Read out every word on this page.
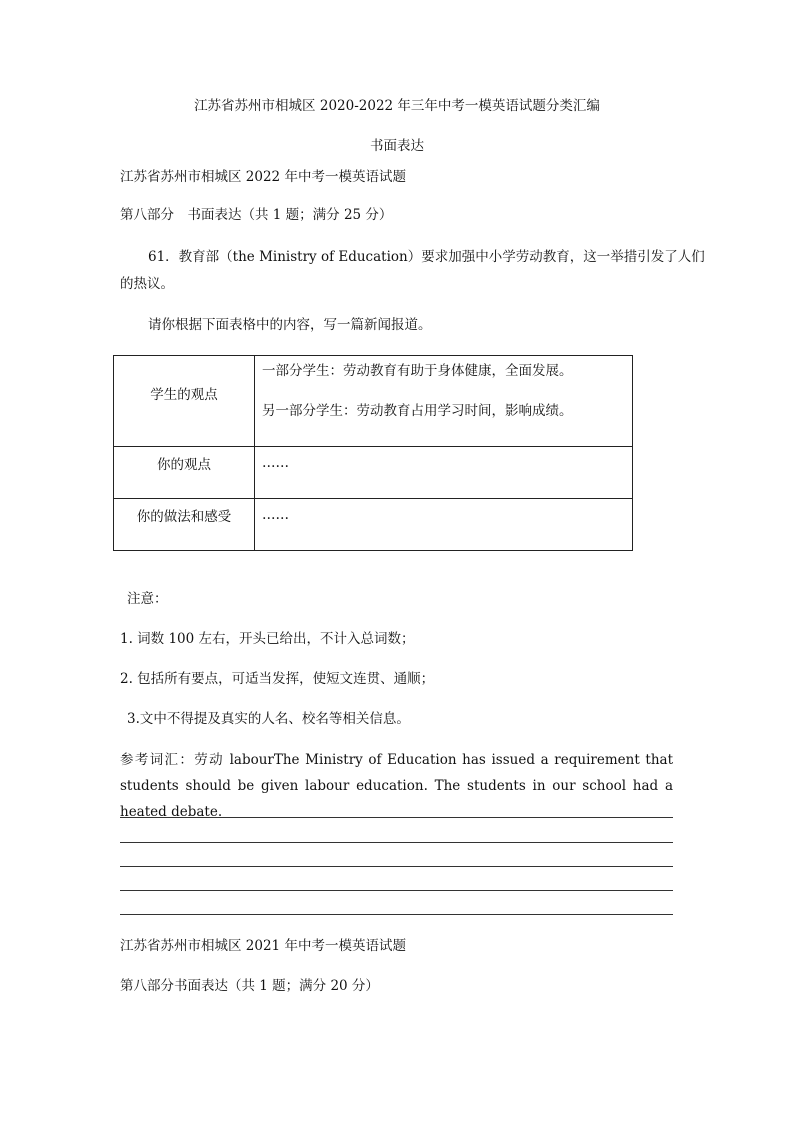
江苏省苏州市相城区 2020-2022 年三年中考一模英语试题分类汇编
书面表达
江苏省苏州市相城区 2022 年中考一模英语试题
第八部分　书面表达（共 1 题；满分 25 分）
61．教育部（the Ministry of Education）要求加强中小学劳动教育，这一举措引发了人们
的热议。
请你根据下面表格中的内容，写一篇新闻报道。
学生的观点	一部分学生：劳动教育有助于身体健康，全面发展。
另一部分学生：劳动教育占用学习时间，影响成绩。

你的观点	……
你的做法和感受	……
注意：
1. 词数 100 左右，开头已给出，不计入总词数；
2. 包括所有要点，可适当发挥，使短文连贯、通顺；
3.文中不得提及真实的人名、校名等相关信息。
参考词汇：劳动 labourThe Ministry of Education has issued a requirement that students should be given labour education. The students in our school had a heated debate.
江苏省苏州市相城区 2021 年中考一模英语试题
第八部分书面表达（共 1 题；满分 20 分）
